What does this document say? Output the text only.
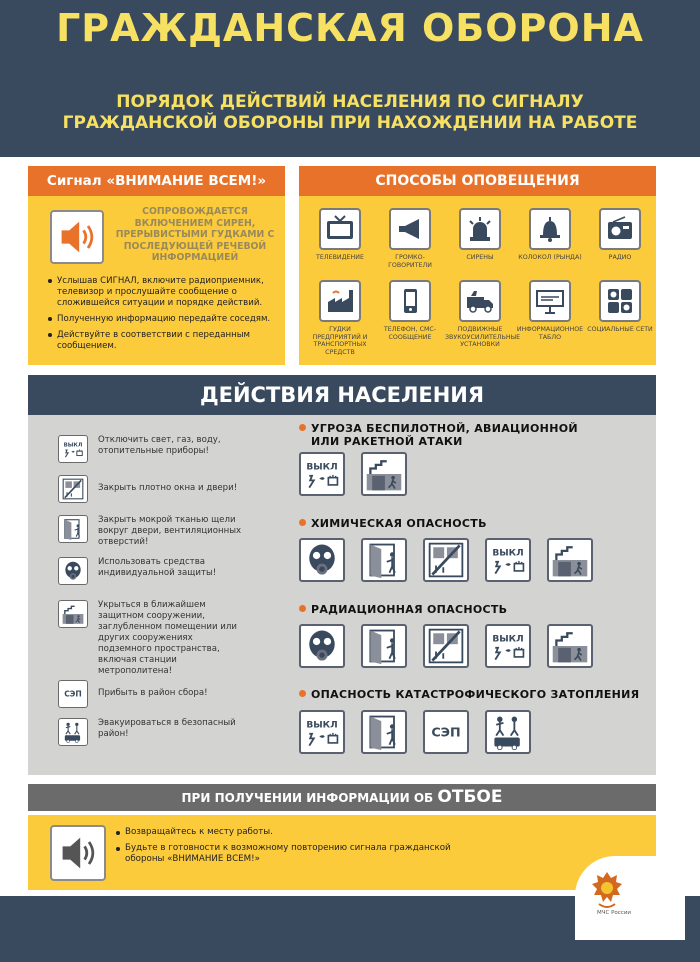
ГРАЖДАНСКАЯ ОБОРОНА
ПОРЯДОК ДЕЙСТВИЙ НАСЕЛЕНИЯ ПО СИГНАЛУ
ГРАЖДАНСКОЙ ОБОРОНЫ ПРИ НАХОЖДЕНИИ НА РАБОТЕ
Сигнал «ВНИМАНИЕ ВСЕМ!»
СОПРОВОЖДАЕТСЯ ВКЛЮЧЕНИЕМ СИРЕН, ПРЕРЫВИСТЫМИ ГУДКАМИ С ПОСЛЕДУЮЩЕЙ РЕЧЕВОЙ ИНФОРМАЦИЕЙ
Услышав СИГНАЛ, включите радиоприемник, телевизор и прослушайте сообщение о сложившейся ситуации и порядке действий.
Полученную информацию передайте соседям.
Действуйте в соответствии с переданным сообщением.
СПОСОБЫ ОПОВЕЩЕНИЯ
ТЕЛЕВИДЕНИЕ	ГРОМКО-ГОВОРИТЕЛИ
СИРЕНЫ	КОЛОКОЛ (РЫНДА)	РАДИО
ГУДКИ ПРЕДПРИЯТИЙ И ТРАНСПОРТНЫХ СРЕДСТВ
ТЕЛЕФОН, СМС-СООБЩЕНИЕ
ПОДВИЖНЫЕ ЗВУКОУСИЛИТЕЛЬНЫЕ УСТАНОВКИ
ИНФОРМАЦИОННОЕ ТАБЛО
СОЦИАЛЬНЫЕ СЕТИ
ДЕЙСТВИЯ НАСЕЛЕНИЯ
Отключить свет, газ, воду, отопительные приборы!
Закрыть плотно окна и двери!
Закрыть мокрой тканью щели вокруг двери, вентиляционных отверстий!
Использовать средства индивидуальной защиты!
Укрыться в ближайшем защитном сооружении, заглубленном помещении или других сооружениях подземного пространства, включая станции метрополитена!
Прибыть в район сбора!
Эвакуироваться в безопасный район!
УГРОЗА БЕСПИЛОТНОЙ, АВИАЦИОННОЙ
ИЛИ РАКЕТНОЙ АТАКИ
ХИМИЧЕСКАЯ ОПАСНОСТЬ
РАДИАЦИОННАЯ ОПАСНОСТЬ
ОПАСНОСТЬ КАТАСТРОФИЧЕСКОГО ЗАТОПЛЕНИЯ
ПРИ ПОЛУЧЕНИИ ИНФОРМАЦИИ ОБ ОТБОЕ
Возвращайтесь к месту работы.
Будьте в готовности к возможному повторению сигнала гражданской обороны «ВНИМАНИЕ ВСЕМ!»
МЧС России
